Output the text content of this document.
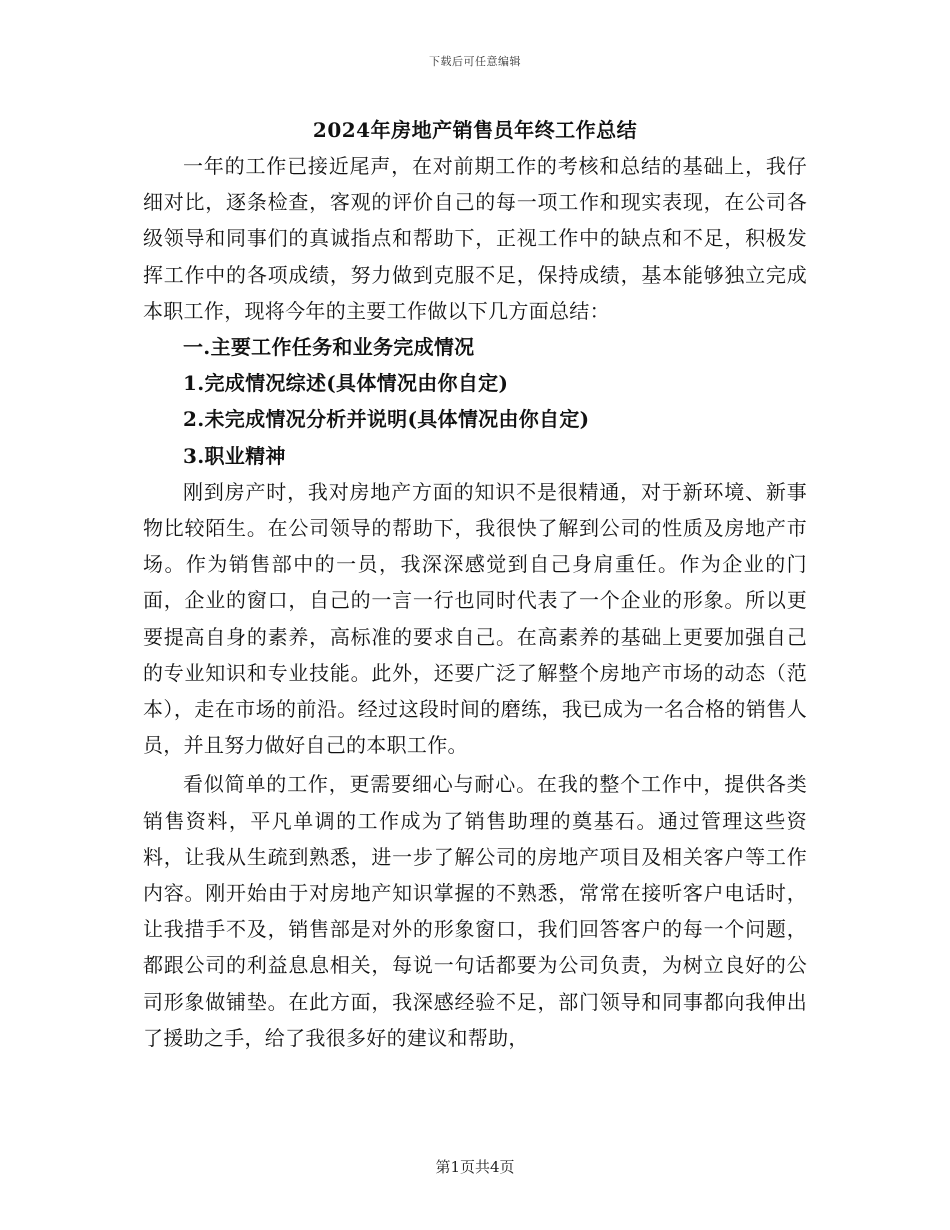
下载后可任意编辑
2024年房地产销售员年终工作总结

一年的工作已接近尾声，在对前期工作的考核和总结的基础上，我仔细对比，逐条检查，客观的评价自己的每一项工作和现实表现，在公司各级领导和同事们的真诚指点和帮助下，正视工作中的缺点和不足，积极发挥工作中的各项成绩，努力做到克服不足，保持成绩，基本能够独立完成本职工作，现将今年的主要工作做以下几方面总结：

一.主要工作任务和业务完成情况

1.完成情况综述(具体情况由你自定)

2.未完成情况分析并说明(具体情况由你自定)

3.职业精神

刚到房产时，我对房地产方面的知识不是很精通，对于新环境、新事物比较陌生。在公司领导的帮助下，我很快了解到公司的性质及房地产市场。作为销售部中的一员，我深深感觉到自己身肩重任。作为企业的门面，企业的窗口，自己的一言一行也同时代表了一个企业的形象。所以更要提高自身的素养，高标准的要求自己。在高素养的基础上更要加强自己的专业知识和专业技能。此外，还要广泛了解整个房地产市场的动态（范本），走在市场的前沿。经过这段时间的磨练，我已成为一名合格的销售人员，并且努力做好自己的本职工作。

看似简单的工作，更需要细心与耐心。在我的整个工作中，提供各类销售资料，平凡单调的工作成为了销售助理的奠基石。通过管理这些资料，让我从生疏到熟悉，进一步了解公司的房地产项目及相关客户等工作内容。刚开始由于对房地产知识掌握的不熟悉，常常在接听客户电话时，让我措手不及，销售部是对外的形象窗口，我们回答客户的每一个问题，都跟公司的利益息息相关，每说一句话都要为公司负责，为树立良好的公司形象做铺垫。在此方面，我深感经验不足，部门领导和同事都向我伸出了援助之手，给了我很多好的建议和帮助，

第1页共4页
